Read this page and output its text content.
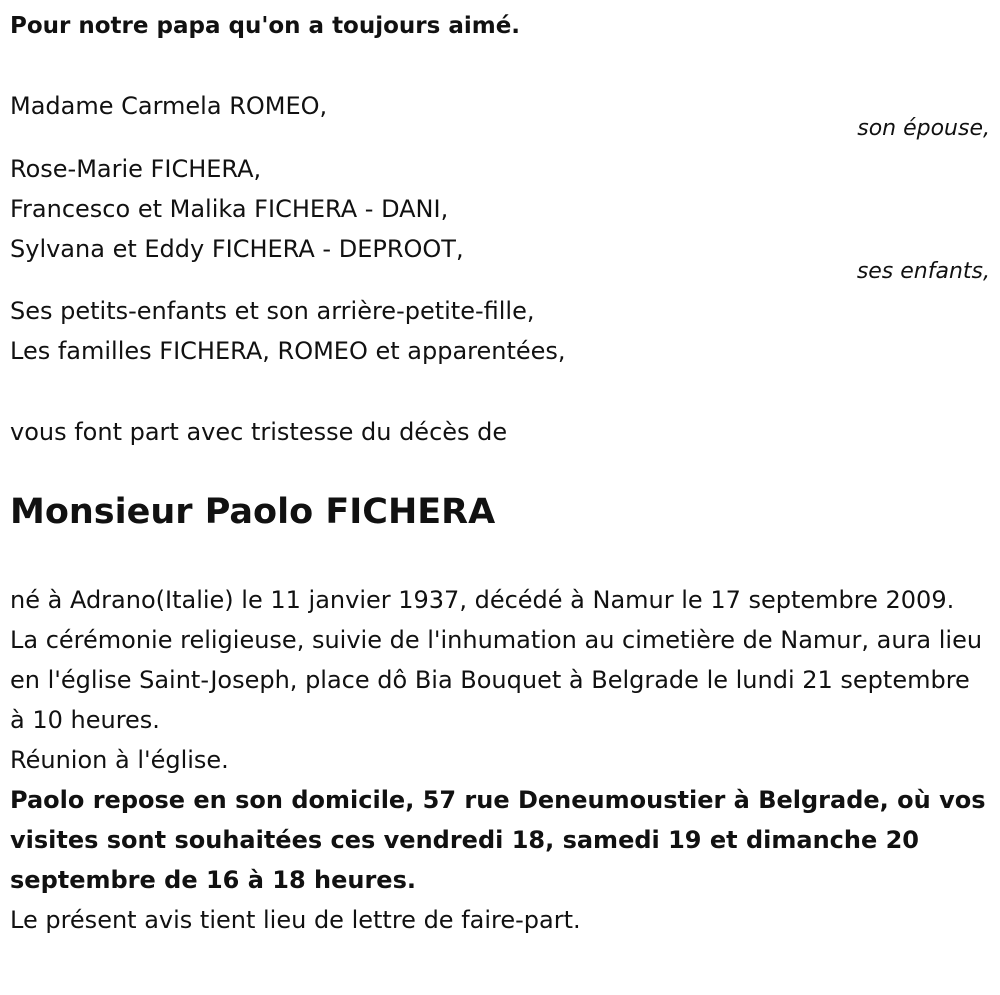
Pour notre papa qu'on a toujours aimé.
Madame Carmela ROMEO,
son épouse,
Rose-Marie FICHERA,
Francesco et Malika FICHERA - DANI,
Sylvana et Eddy FICHERA - DEPROOT,
ses enfants,
Ses petits-enfants et son arrière-petite-fille,
Les familles FICHERA, ROMEO et apparentées,
vous font part avec tristesse du décès de
Monsieur Paolo FICHERA

né à Adrano(Italie) le 11 janvier 1937, décédé à Namur le 17 septembre 2009.

La cérémonie religieuse, suivie de l'inhumation au cimetière de Namur, aura lieu en l'église Saint-Joseph, place dô Bia Bouquet à Belgrade le lundi 21 septembre à 10 heures.

Réunion à l'église.

Paolo repose en son domicile, 57 rue Deneumoustier à Belgrade, où vos visites sont souhaitées ces vendredi 18, samedi 19 et dimanche 20 septembre de 16 à 18 heures.

Le présent avis tient lieu de lettre de faire-part.
